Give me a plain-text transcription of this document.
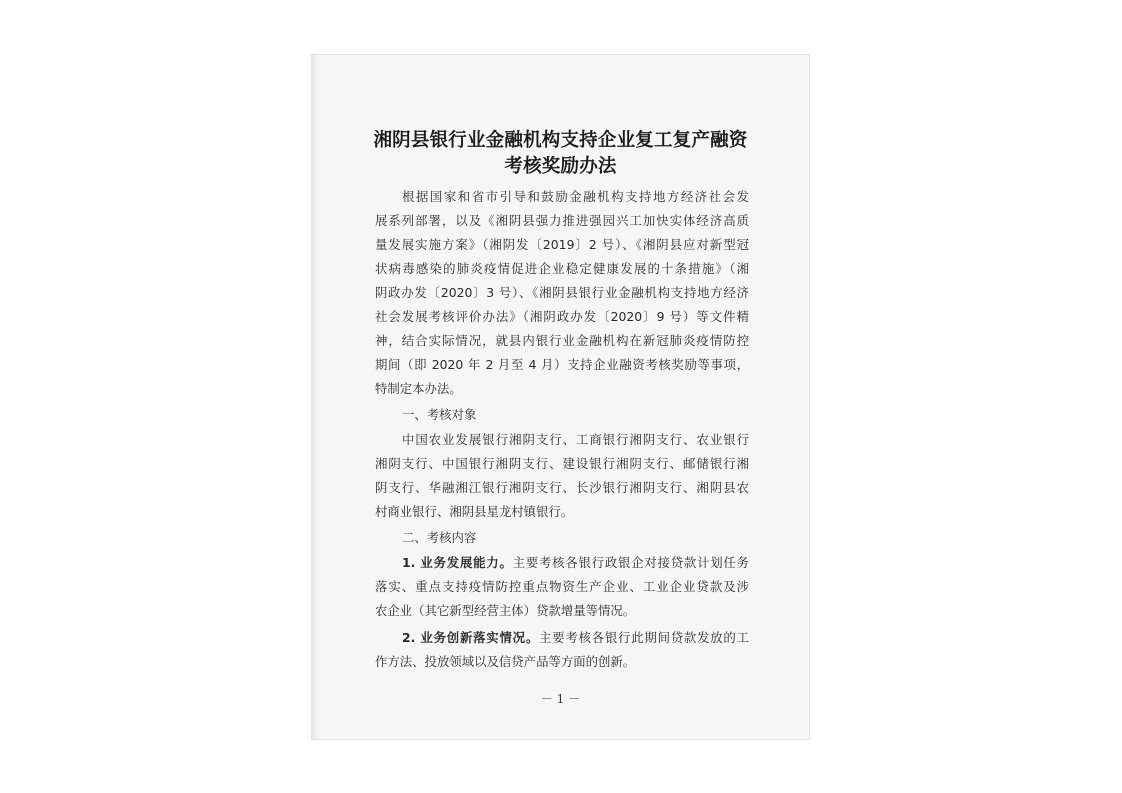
湘阴县银行业金融机构支持企业复工复产融资
考核奖励办法
根据国家和省市引导和鼓励金融机构支持地方经济社会发
展系列部署，以及《湘阴县强力推进强园兴工加快实体经济高质
量发展实施方案》（湘阴发〔2019〕2 号）、《湘阴县应对新型冠
状病毒感染的肺炎疫情促进企业稳定健康发展的十条措施》（湘
阴政办发〔2020〕3 号）、《湘阴县银行业金融机构支持地方经济
社会发展考核评价办法》（湘阴政办发〔2020〕9 号）等文件精
神，结合实际情况，就县内银行业金融机构在新冠肺炎疫情防控
期间（即 2020 年 2 月至 4 月）支持企业融资考核奖励等事项，
特制定本办法。
一、考核对象
中国农业发展银行湘阴支行、工商银行湘阴支行、农业银行
湘阴支行、中国银行湘阴支行、建设银行湘阴支行、邮储银行湘
阴支行、华融湘江银行湘阴支行、长沙银行湘阴支行、湘阴县农
村商业银行、湘阴县星龙村镇银行。
二、考核内容
1. 业务发展能力。主要考核各银行政银企对接贷款计划任务
落实、重点支持疫情防控重点物资生产企业、工业企业贷款及涉
农企业（其它新型经营主体）贷款增量等情况。
2. 业务创新落实情况。主要考核各银行此期间贷款发放的工
作方法、投放领域以及信贷产品等方面的创新。
－ 1 －
